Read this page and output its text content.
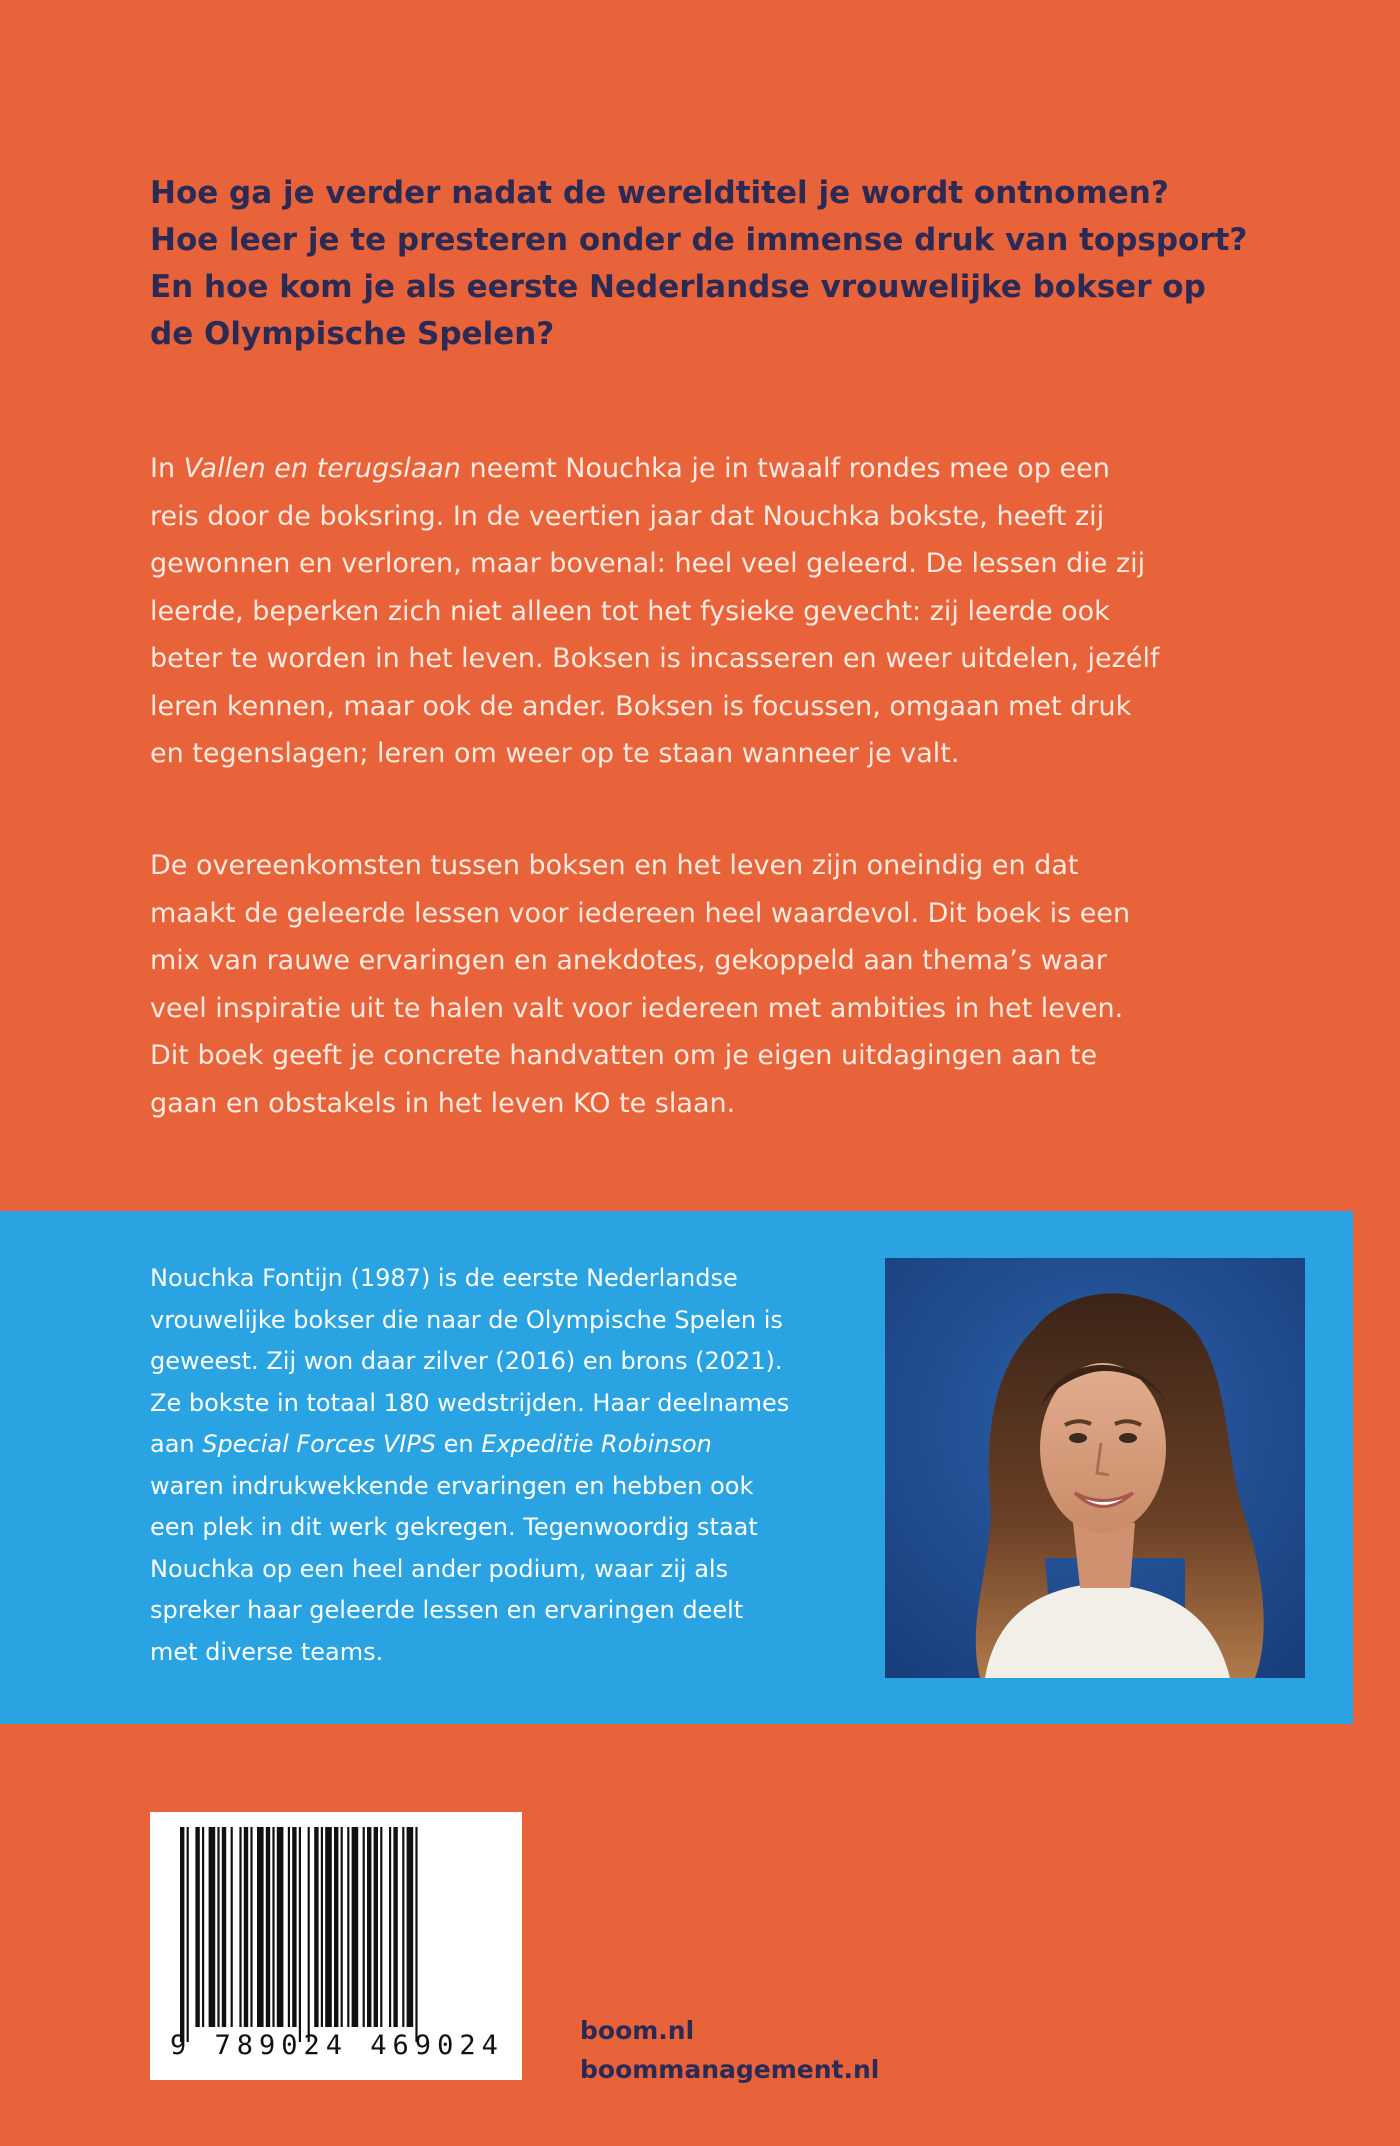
Hoe ga je verder nadat de wereldtitel je wordt ontnomen?
Hoe leer je te presteren onder de immense druk van topsport?
En hoe kom je als eerste Nederlandse vrouwelijke bokser op
de Olympische Spelen?
In Vallen en terugslaan neemt Nouchka je in twaalf rondes mee op een
reis door de boksring. In de veertien jaar dat Nouchka bokste, heeft zij
gewonnen en verloren, maar bovenal: heel veel geleerd. De lessen die zij
leerde, beperken zich niet alleen tot het fysieke gevecht: zij leerde ook
beter te worden in het leven. Boksen is incasseren en weer uitdelen, jezélf
leren kennen, maar ook de ander. Boksen is focussen, omgaan met druk
en tegenslagen; leren om weer op te staan wanneer je valt.
De overeenkomsten tussen boksen en het leven zijn oneindig en dat
maakt de geleerde lessen voor iedereen heel waardevol. Dit boek is een
mix van rauwe ervaringen en anekdotes, gekoppeld aan thema’s waar
veel inspiratie uit te halen valt voor iedereen met ambities in het leven.
Dit boek geeft je concrete handvatten om je eigen uitdagingen aan te
gaan en obstakels in het leven KO te slaan.
Nouchka Fontijn (1987) is de eerste Nederlandse
vrouwelijke bokser die naar de Olympische Spelen is
geweest. Zij won daar zilver (2016) en brons (2021).
Ze bokste in totaal 180 wedstrijden. Haar deelnames
aan Special Forces VIPS en Expeditie Robinson
waren indrukwekkende ervaringen en hebben ook
een plek in dit werk gekregen. Tegenwoordig staat
Nouchka op een heel ander podium, waar zij als
spreker haar geleerde lessen en ervaringen deelt
met diverse teams.
9 789024 469024	boom.nl
boommanagement.nl
